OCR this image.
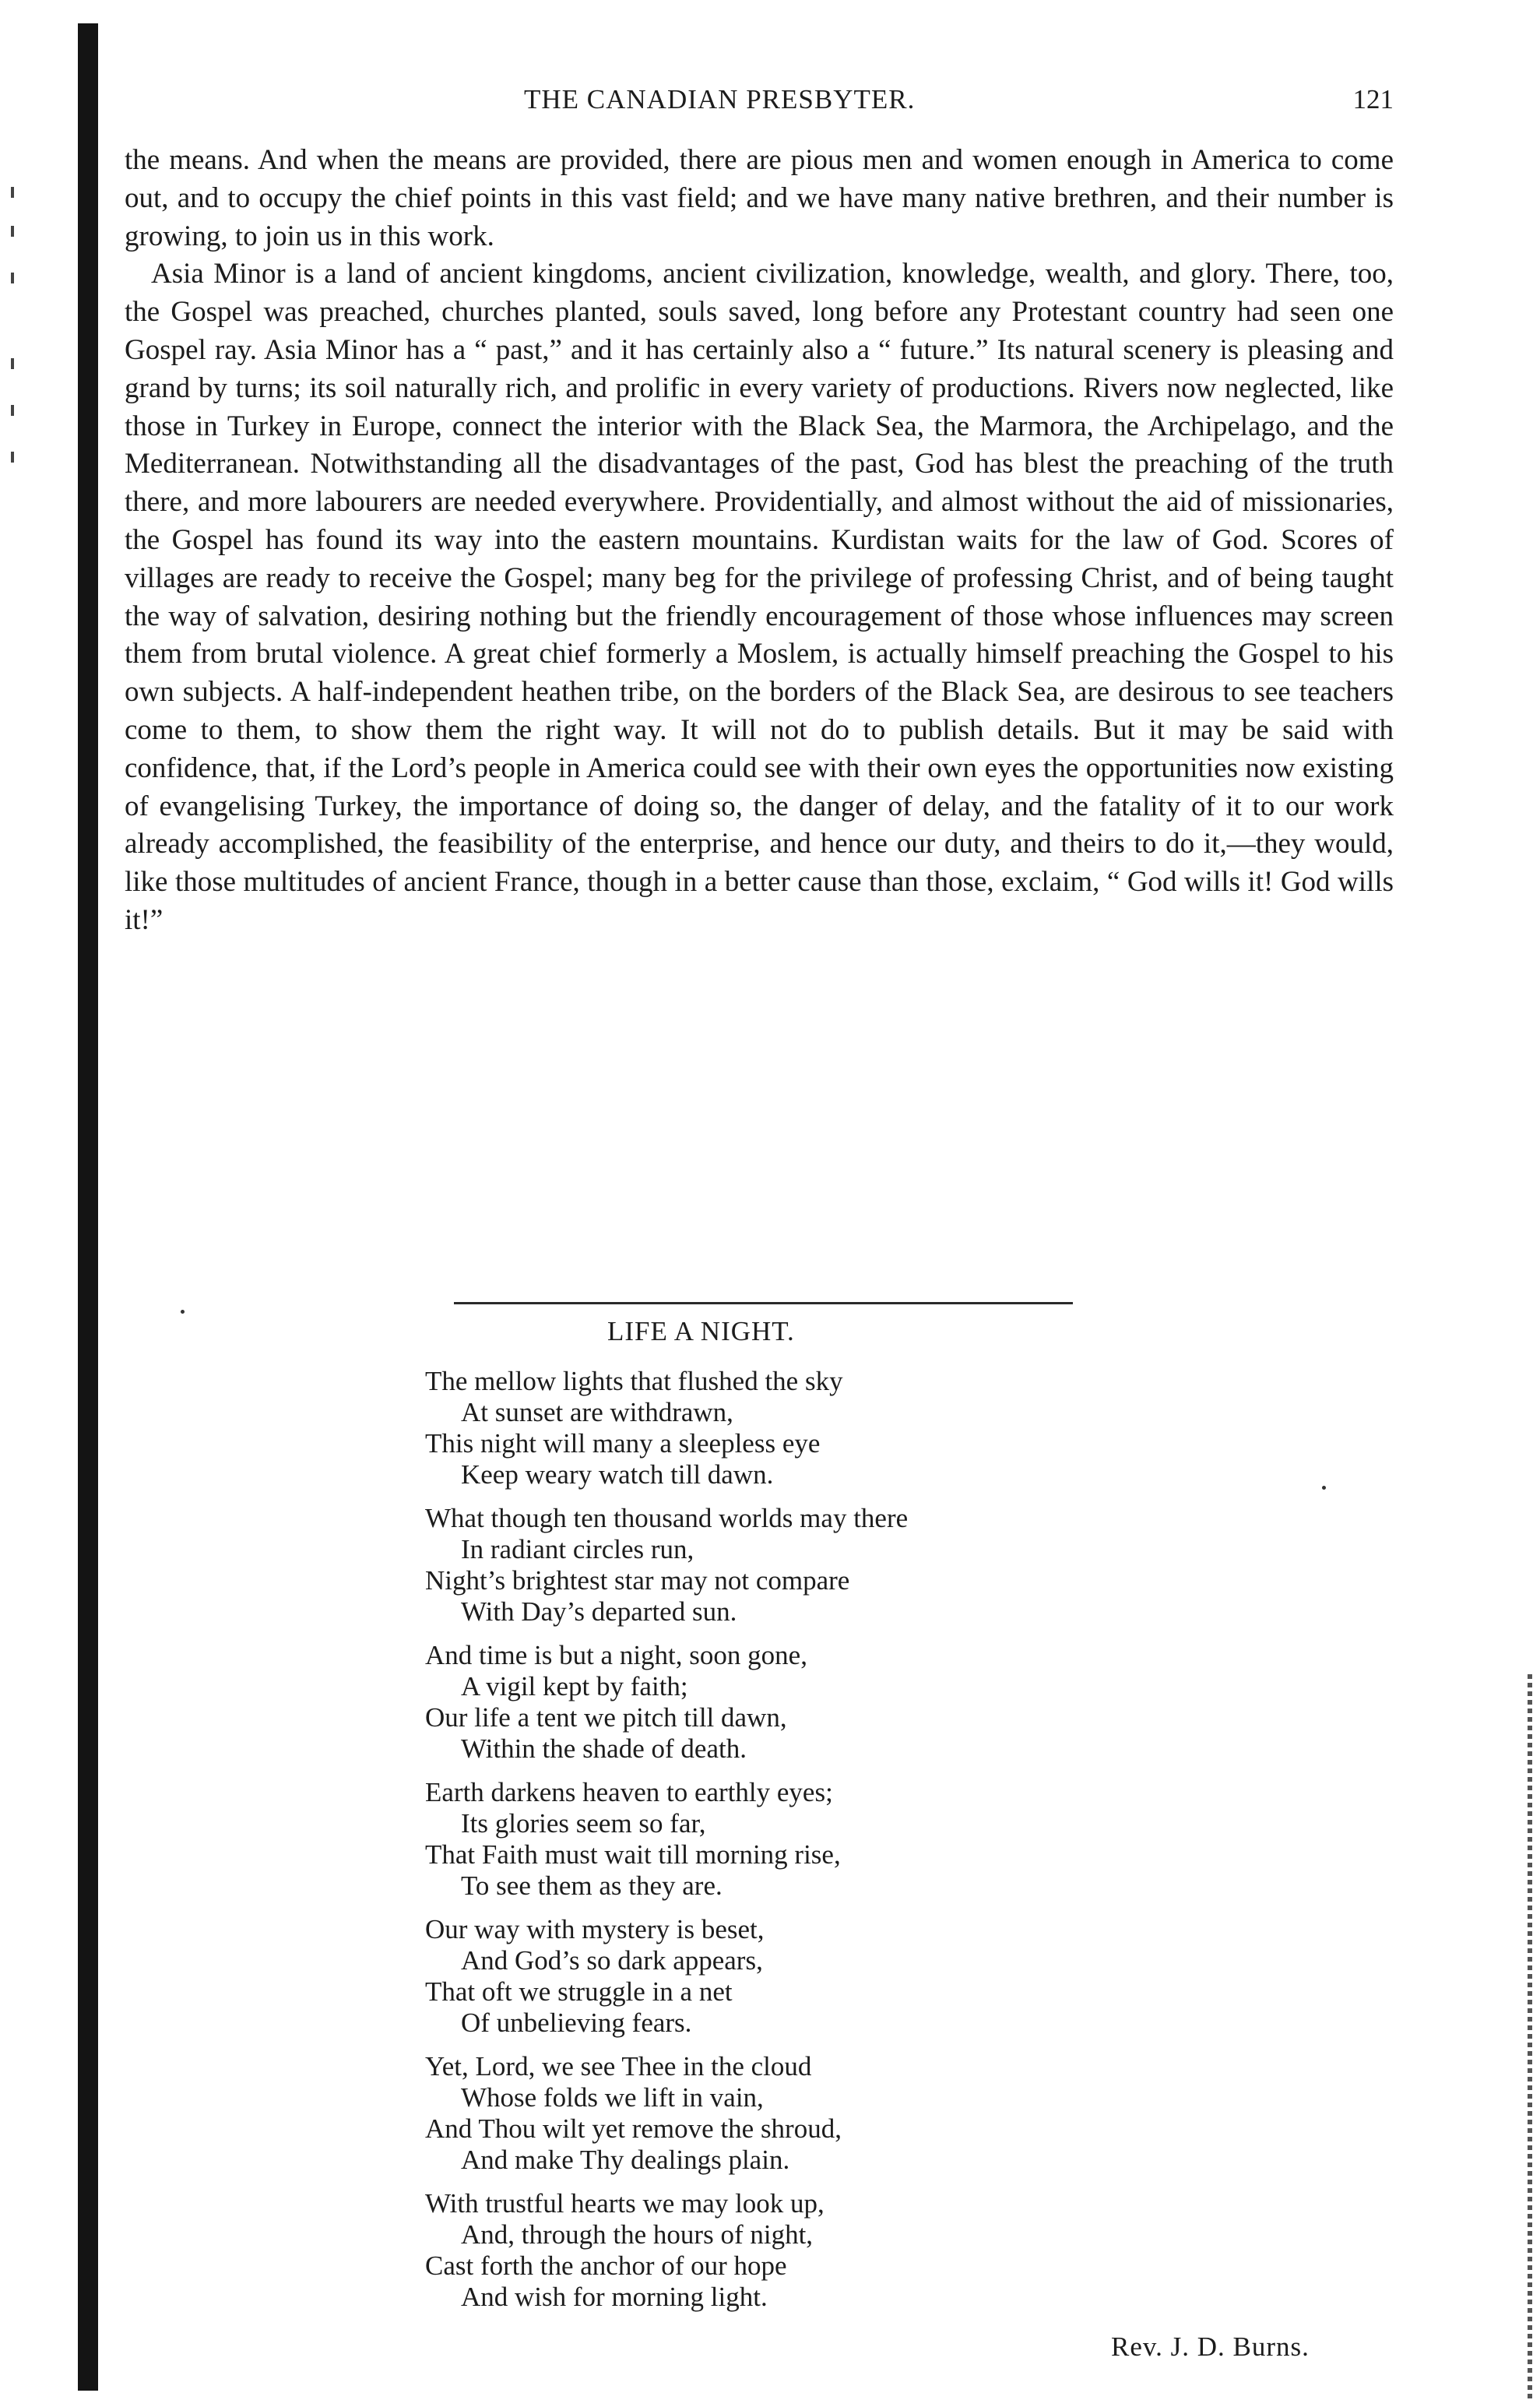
THE CANADIAN PRESBYTER.	121

the means. And when the means are provided, there are pious men and women enough in America to come out, and to occupy the chief points in this vast field; and we have many native brethren, and their number is growing, to join us in this work.

Asia Minor is a land of ancient kingdoms, ancient civilization, knowledge, wealth, and glory. There, too, the Gospel was preached, churches planted, souls saved, long before any Protestant country had seen one Gospel ray. Asia Minor has a “ past,” and it has certainly also a “ future.” Its natural scenery is pleasing and grand by turns; its soil naturally rich, and prolific in every variety of productions. Rivers now neglected, like those in Turkey in Europe, connect the interior with the Black Sea, the Marmora, the Archipelago, and the Mediterranean. Notwithstanding all the disadvantages of the past, God has blest the preaching of the truth there, and more labourers are needed everywhere. Providentially, and almost without the aid of missionaries, the Gospel has found its way into the eastern mountains. Kurdistan waits for the law of God. Scores of villages are ready to receive the Gospel; many beg for the privilege of professing Christ, and of being taught the way of salvation, desiring nothing but the friendly encouragement of those whose influences may screen them from brutal violence. A great chief formerly a Moslem, is actually himself preaching the Gospel to his own subjects. A half-independent heathen tribe, on the borders of the Black Sea, are desirous to see teachers come to them, to show them the right way. It will not do to publish details. But it may be said with confidence, that, if the Lord’s people in America could see with their own eyes the opportunities now existing of evangelising Turkey, the importance of doing so, the danger of delay, and the fatality of it to our work already accomplished, the feasibility of the enterprise, and hence our duty, and theirs to do it,—they would, like those multitudes of ancient France, though in a better cause than those, exclaim, “ God wills it! God wills it!”

LIFE A NIGHT.
The mellow lights that flushed the sky
At sunset are withdrawn,
This night will many a sleepless eye
Keep weary watch till dawn.
What though ten thousand worlds may there
In radiant circles run,
Night’s brightest star may not compare
With Day’s departed sun.
And time is but a night, soon gone,
A vigil kept by faith;
Our life a tent we pitch till dawn,
Within the shade of death.
Earth darkens heaven to earthly eyes;
Its glories seem so far,
That Faith must wait till morning rise,
To see them as they are.
Our way with mystery is beset,
And God’s so dark appears,
That oft we struggle in a net
Of unbelieving fears.
Yet, Lord, we see Thee in the cloud
Whose folds we lift in vain,
And Thou wilt yet remove the shroud,
And make Thy dealings plain.
With trustful hearts we may look up,
And, through the hours of night,
Cast forth the anchor of our hope
And wish for morning light.
Rev. J. D. Burns.
